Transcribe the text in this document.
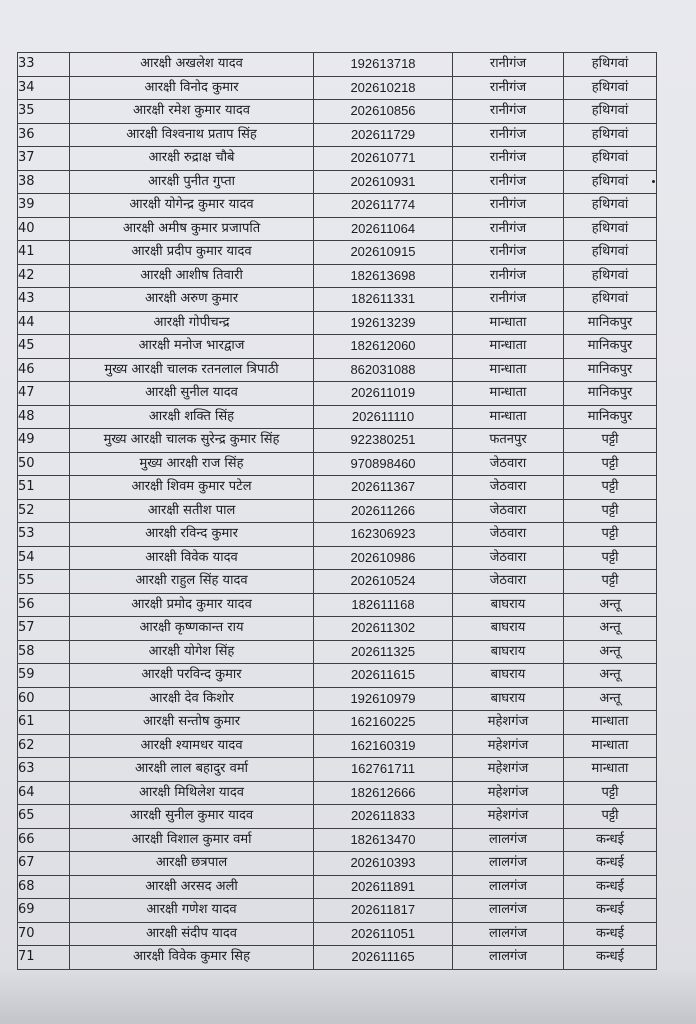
33	आरक्षी अखलेश यादव	192613718	रानीगंज	हथिगवां
34	आरक्षी विनोद कुमार	202610218	रानीगंज	हथिगवां
35	आरक्षी रमेश कुमार यादव	202610856	रानीगंज	हथिगवां
36	आरक्षी विश्वनाथ प्रताप सिंह	202611729	रानीगंज	हथिगवां
37	आरक्षी रुद्राक्ष चौबे	202610771	रानीगंज	हथिगवां
38	आरक्षी पुनीत गुप्ता	202610931	रानीगंज	हथिगवां
39	आरक्षी योगेन्द्र कुमार यादव	202611774	रानीगंज	हथिगवां
40	आरक्षी अमीष कुमार प्रजापति	202611064	रानीगंज	हथिगवां
41	आरक्षी प्रदीप कुमार यादव	202610915	रानीगंज	हथिगवां
42	आरक्षी आशीष तिवारी	182613698	रानीगंज	हथिगवां
43	आरक्षी अरुण कुमार	182611331	रानीगंज	हथिगवां
44	आरक्षी गोपीचन्द्र	192613239	मान्धाता	मानिकपुर
45	आरक्षी मनोज भारद्वाज	182612060	मान्धाता	मानिकपुर
46	मुख्य आरक्षी चालक रतनलाल त्रिपाठी	862031088	मान्धाता	मानिकपुर
47	आरक्षी सुनील यादव	202611019	मान्धाता	मानिकपुर
48	आरक्षी शक्ति सिंह	202611110	मान्धाता	मानिकपुर
49	मुख्य आरक्षी चालक सुरेन्द्र कुमार सिंह	922380251	फतनपुर	पट्टी
50	मुख्य आरक्षी राज सिंह	970898460	जेठवारा	पट्टी
51	आरक्षी शिवम कुमार पटेल	202611367	जेठवारा	पट्टी
52	आरक्षी सतीश पाल	202611266	जेठवारा	पट्टी
53	आरक्षी रविन्द कुमार	162306923	जेठवारा	पट्टी
54	आरक्षी विवेक यादव	202610986	जेठवारा	पट्टी
55	आरक्षी राहुल सिंह यादव	202610524	जेठवारा	पट्टी
56	आरक्षी प्रमोद कुमार यादव	182611168	बाघराय	अन्तू
57	आरक्षी कृष्णकान्त राय	202611302	बाघराय	अन्तू
58	आरक्षी योगेश सिंह	202611325	बाघराय	अन्तू
59	आरक्षी परविन्द कुमार	202611615	बाघराय	अन्तू
60	आरक्षी देव किशोर	192610979	बाघराय	अन्तू
61	आरक्षी सन्तोष कुमार	162160225	महेशगंज	मान्धाता
62	आरक्षी श्यामधर यादव	162160319	महेशगंज	मान्धाता
63	आरक्षी लाल बहादुर वर्मा	162761711	महेशगंज	मान्धाता
64	आरक्षी मिथिलेश यादव	182612666	महेशगंज	पट्टी
65	आरक्षी सुनील कुमार यादव	202611833	महेशगंज	पट्टी
66	आरक्षी विशाल कुमार वर्मा	182613470	लालगंज	कन्धई
67	आरक्षी छत्रपाल	202610393	लालगंज	कन्धई
68	आरक्षी अरसद अली	202611891	लालगंज	कन्धई
69	आरक्षी गणेश यादव	202611817	लालगंज	कन्धई
70	आरक्षी संदीप यादव	202611051	लालगंज	कन्धई
71	आरक्षी विवेक कुमार सिह	202611165	लालगंज	कन्धई
